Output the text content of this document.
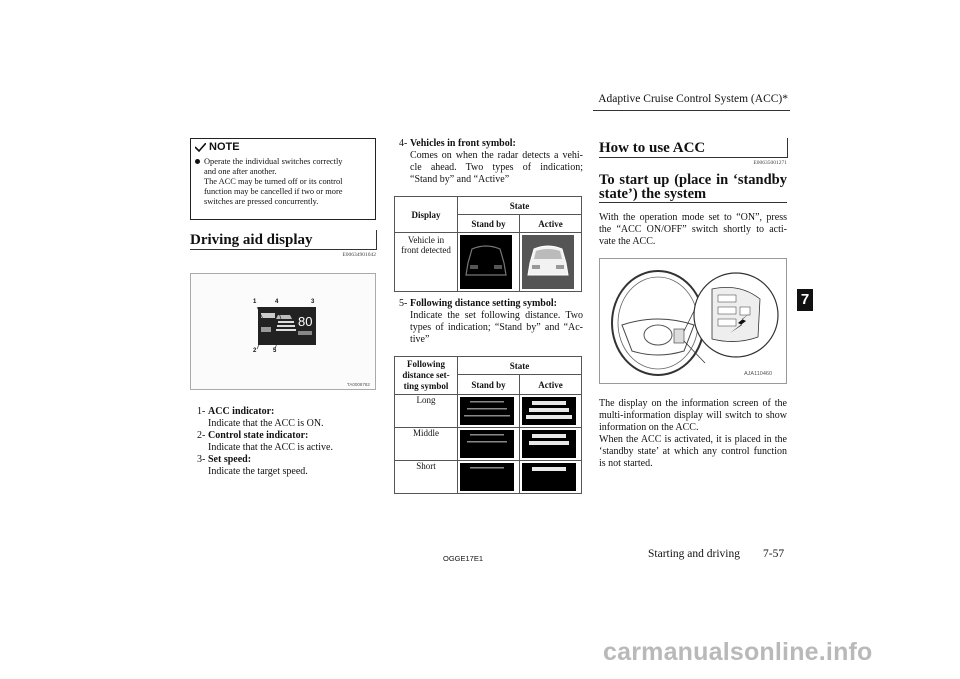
Adaptive Cruise Control System (ACC)*
7
NOTE
Operate the individual switches correctly
and one after another.
The ACC may be turned off or its control
function may be cancelled if two or more
switches are pressed concurrently.
Driving aid display
E00634901042
80
1	4	3
2	5
TA0008782
1- ACC indicator:
Indicate that the ACC is ON.
2- Control state indicator:
Indicate that the ACC is active.
3- Set speed:
Indicate the target speed.
4- Vehicles in front symbol:
Comes on when the radar detects a vehi-
cle ahead. Two types of indication;
“Stand by” and “Active”
Display	State	
	Stand by	Active

Vehicle in
front detected

5- Following distance setting symbol:
Indicate the set following distance. Two
types of indication; “Stand by” and “Ac-
tive”
Following
distance set-
ting symbol	State	
	Stand by	Active
Long	

Middle	

Short	

How to use ACC
E00635001271
To start up (place in ‘standby
state’) the system
With the operation mode set to “ON”, press
the “ACC ON/OFF” switch shortly to acti-
vate the ACC.
AJA110460
The display on the information screen of the
multi-information display will switch to show
information on the ACC.
When the ACC is activated, it is placed in the
‘standby state’ at which any control function
is not started.
OGGE17E1	Starting and driving 7-57
carmanualsonline.info
